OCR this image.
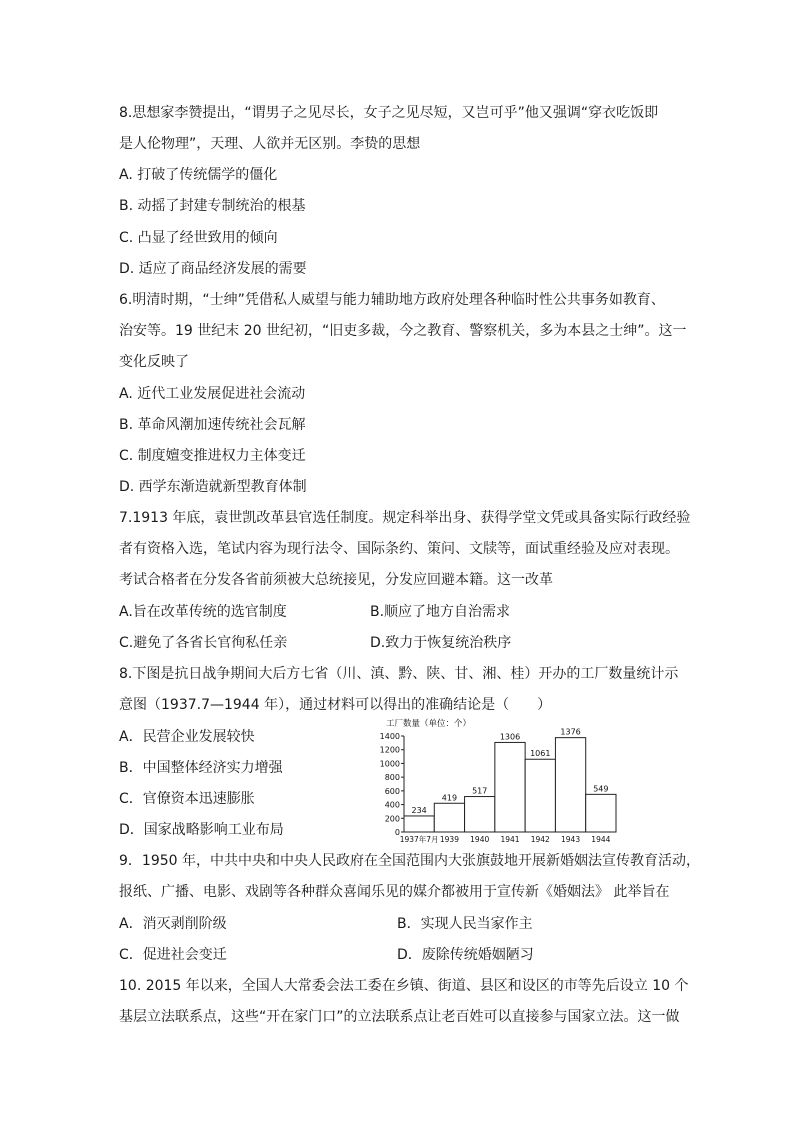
8.思想家李赞提出，“谓男子之见尽长，女子之见尽短，又岂可乎”他又强调“穿衣吃饭即
是人伦物理”，天理、人欲并无区别。李贽的思想
A. 打破了传统儒学的僵化
B. 动摇了封建专制统治的根基
C. 凸显了经世致用的倾向
D. 适应了商品经济发展的需要
6.明清时期，“士绅”凭借私人威望与能力辅助地方政府处理各种临时性公共事务如教育、
治安等。19 世纪末 20 世纪初，“旧吏多裁，今之教育、警察机关，多为本县之士绅”。这一
变化反映了
A. 近代工业发展促进社会流动
B. 革命风潮加速传统社会瓦解
C. 制度嬗变推进权力主体变迁
D. 西学东渐造就新型教育体制
7.1913 年底，袁世凯改革县官选任制度。规定科举出身、获得学堂文凭或具备实际行政经验
者有资格入选，笔试内容为现行法令、国际条约、策问、文牍等，面试重经验及应对表现。
考试合格者在分发各省前须被大总统接见，分发应回避本籍。这一改革
A.旨在改革传统的选官制度	B.顺应了地方自治需求
C.避免了各省长官徇私任亲	D.致力于恢复统治秩序
8.下图是抗日战争期间大后方七省（川、滇、黔、陕、甘、湘、桂）开办的工厂数量统计示
意图（1937.7—1944 年），通过材料可以得出的准确结论是（　　）
A．民营企业发展较快
B．中国整体经济实力增强
C．官僚资本迅速膨胀
D．国家战略影响工业布局	0
200
400
600
800
1000
1200
1400
234
419
517
1306
1061
1376
549
1937年7月 1939 1940 1941 1942 1943 1944
工厂数量（单位：个）
9．1950 年，中共中央和中央人民政府在全国范围内大张旗鼓地开展新婚姻法宣传教育活动，
报纸、广播、电影、戏剧等各种群众喜闻乐见的媒介都被用于宣传新《婚姻法》 此举旨在
A．消灭剥削阶级	B．实现人民当家作主
C．促进社会变迁	D．废除传统婚姻陋习
10. 2015 年以来，全国人大常委会法工委在乡镇、街道、县区和设区的市等先后设立 10 个
基层立法联系点，这些“开在家门口”的立法联系点让老百姓可以直接参与国家立法。这一做
